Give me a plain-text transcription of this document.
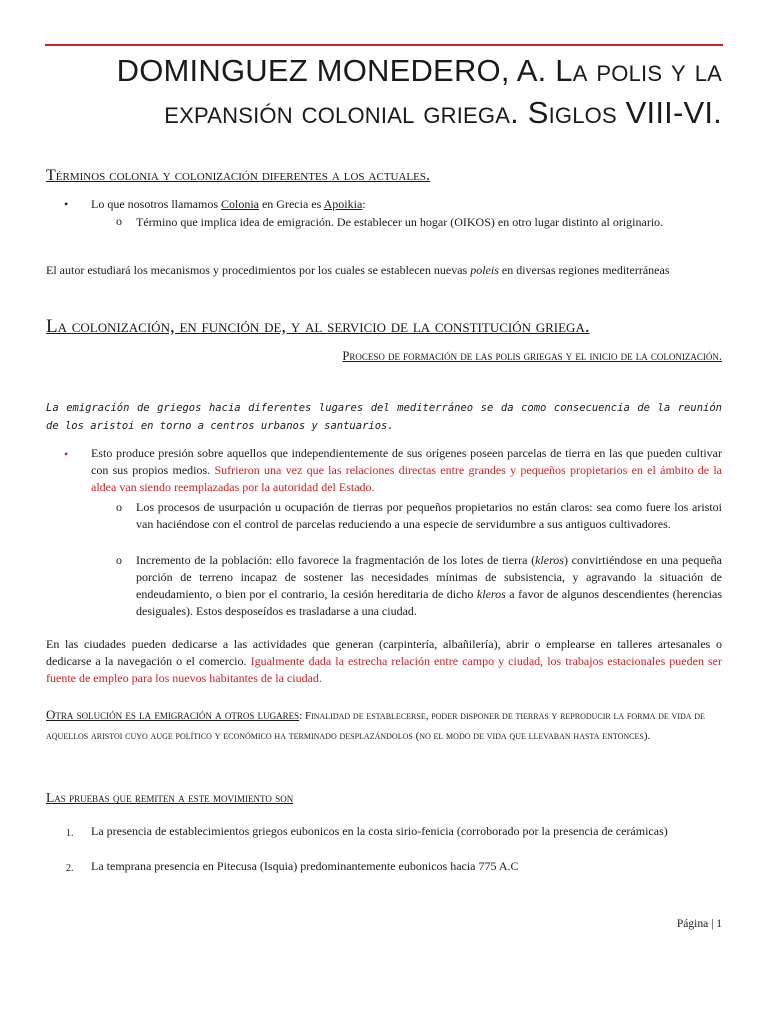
DOMINGUEZ MONEDERO, A. La polis y la
expansión colonial griega. Siglos VIII-VI.
Términos colonia y colonización diferentes a los actuales.
• Lo que nosotros llamamos Colonia en Grecia es Apoikia:
o Término que implica idea de emigración. De establecer un hogar (OIKOS) en otro lugar distinto al originario.
El autor estudiará los mecanismos y procedimientos por los cuales se establecen nuevas poleis en diversas regiones mediterráneas
La colonización, en función de, y al servicio de la constitución griega.
Proceso de formación de las polis griegas y el inicio de la colonización.
La emigración de griegos hacia diferentes lugares del mediterráneo se da como consecuencia de la reunión de los aristoi en torno a centros urbanos y santuarios.
• Esto produce presión sobre aquellos que independientemente de sus orígenes poseen parcelas de tierra en las que pueden cultivar con sus propios medios. Sufrieron una vez que las relaciones directas entre grandes y pequeños propietarios en el ámbito de la aldea van siendo reemplazadas por la autoridad del Estado.
o Los procesos de usurpación u ocupación de tierras por pequeños propietarios no están claros: sea como fuere los aristoi van haciéndose con el control de parcelas reduciendo a una especie de servidumbre a sus antiguos cultivadores.
o Incremento de la población: ello favorece la fragmentación de los lotes de tierra (kleros) convirtiéndose en una pequeña porción de terreno incapaz de sostener las necesidades mínimas de subsistencia, y agravando la situación de endeudamiento, o bien por el contrario, la cesión hereditaria de dicho kleros a favor de algunos descendientes (herencias desiguales). Estos desposeídos es trasladarse a una ciudad.
En las ciudades pueden dedicarse a las actividades que generan (carpintería, albañilería), abrir o emplearse en talleres artesanales o dedicarse a la navegación o el comercio. Igualmente dada la estrecha relación entre campo y ciudad, los trabajos estacionales pueden ser fuente de empleo para los nuevos habitantes de la ciudad.
Otra solución es la emigración a otros lugares: Finalidad de establecerse, poder disponer de tierras y reproducir la forma de vida de aquellos aristoi cuyo auge político y económico ha terminado desplazándolos (no el modo de vida que llevaban hasta entonces).
Las pruebas que remiten a este movimiento son
1. La presencia de establecimientos griegos eubonicos en la costa sirio-fenicia (corroborado por la presencia de cerámicas)
2. La temprana presencia en Pitecusa (Isquia) predominantemente eubonicos hacia 775 A.C
Página | 1
